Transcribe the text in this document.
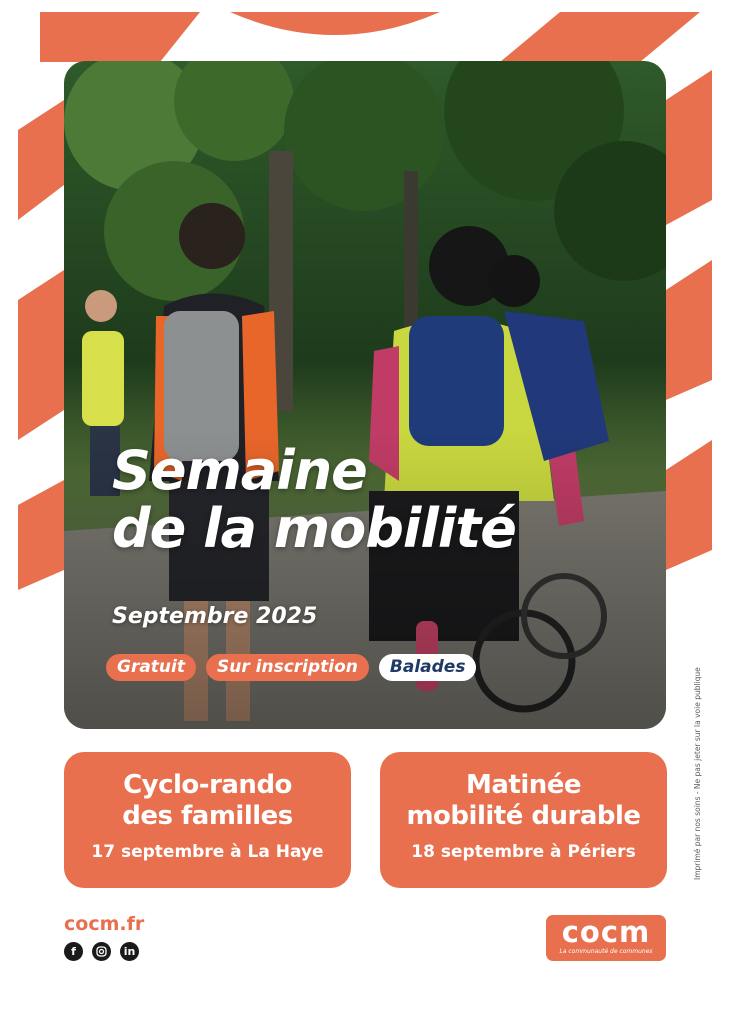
Semaine
de la mobilité
Septembre 2025
Gratuit	Sur inscription	Balades
Cyclo-rando
des familles
17 septembre à La Haye
Matinée
mobilité durable
18 septembre à Périers
cocm.fr
f	in
cocm
La communauté de communes
Imprimé par nos soins - Ne pas jeter sur la voie publique
